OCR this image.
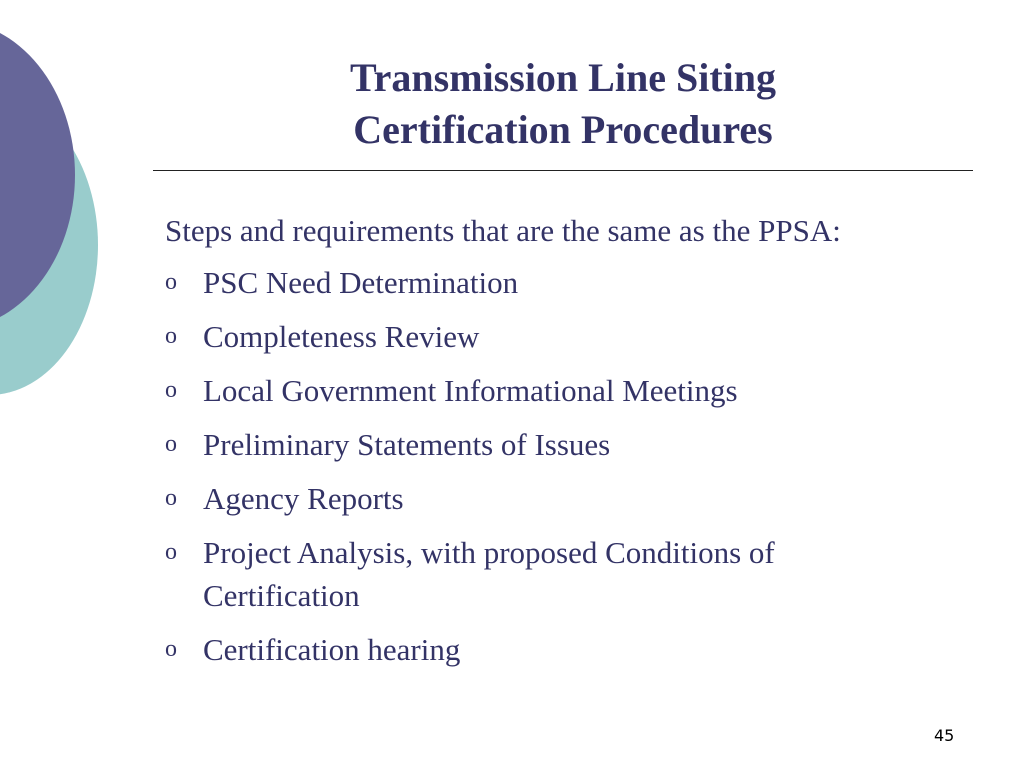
Transmission Line Siting
Certification Procedures

Steps and requirements that are the same as the PPSA:

o PSC Need Determination
o Completeness Review
o Local Government Informational Meetings
o Preliminary Statements of Issues
o Agency Reports
o Project Analysis, with proposed Conditions of Certification
o Certification hearing
45
